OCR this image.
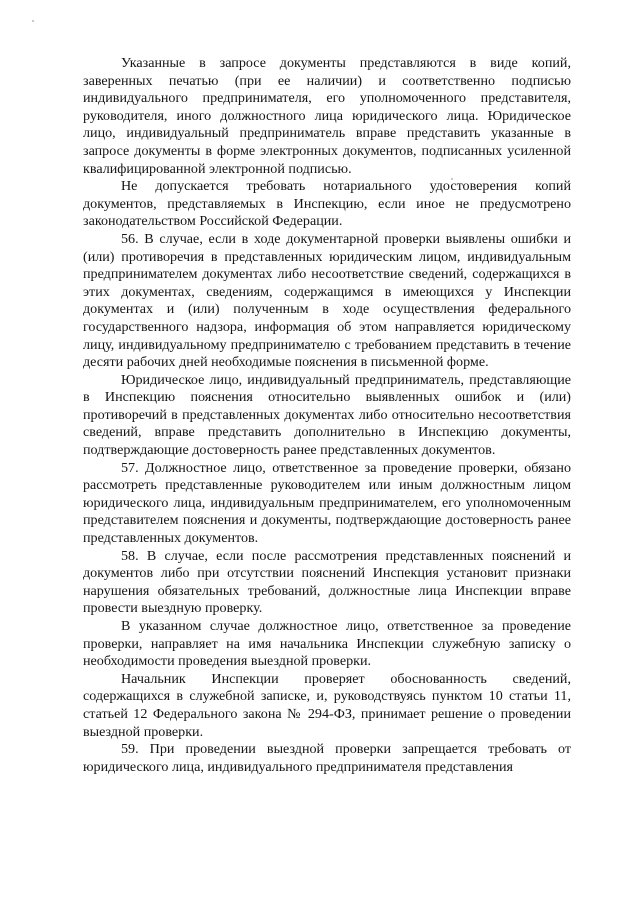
Указанные в запросе документы представляются в виде копий, заверенных печатью (при ее наличии) и соответственно подписью индивидуального предпринимателя, его уполномоченного представителя, руководителя, иного должностного лица юридического лица. Юридическое лицо, индивидуальный предприниматель вправе представить указанные в запросе документы в форме электронных документов, подписанных усиленной квалифицированной электронной подписью.

Не допускается требовать нотариального удостоверения копий документов, представляемых в Инспекцию, если иное не предусмотрено законодательством Российской Федерации.

56. В случае, если в ходе документарной проверки выявлены ошибки и (или) противоречия в представленных юридическим лицом, индивидуальным предпринимателем документах либо несоответствие сведений, содержащихся в этих документах, сведениям, содержащимся в имеющихся у Инспекции документах и (или) полученным в ходе осуществления федерального государственного надзора, информация об этом направляется юридическому лицу, индивидуальному предпринимателю с требованием представить в течение десяти рабочих дней необходимые пояснения в письменной форме.

Юридическое лицо, индивидуальный предприниматель, представляющие в Инспекцию пояснения относительно выявленных ошибок и (или) противоречий в представленных документах либо относительно несоответствия сведений, вправе представить дополнительно в Инспекцию документы, подтверждающие достоверность ранее представленных документов.

57. Должностное лицо, ответственное за проведение проверки, обязано рассмотреть представленные руководителем или иным должностным лицом юридического лица, индивидуальным предпринимателем, его уполномоченным представителем пояснения и документы, подтверждающие достоверность ранее представленных документов.

58. В случае, если после рассмотрения представленных пояснений и документов либо при отсутствии пояснений Инспекция установит признаки нарушения обязательных требований, должностные лица Инспекции вправе провести выездную проверку.

В указанном случае должностное лицо, ответственное за проведение проверки, направляет на имя начальника Инспекции служебную записку о необходимости проведения выездной проверки.

Начальник Инспекции проверяет обоснованность сведений, содержащихся в служебной записке, и, руководствуясь пунктом 10 статьи 11, статьей 12 Федерального закона № 294-ФЗ, принимает решение о проведении выездной проверки.

59. При проведении выездной проверки запрещается требовать от юридического лица, индивидуального предпринимателя представления
